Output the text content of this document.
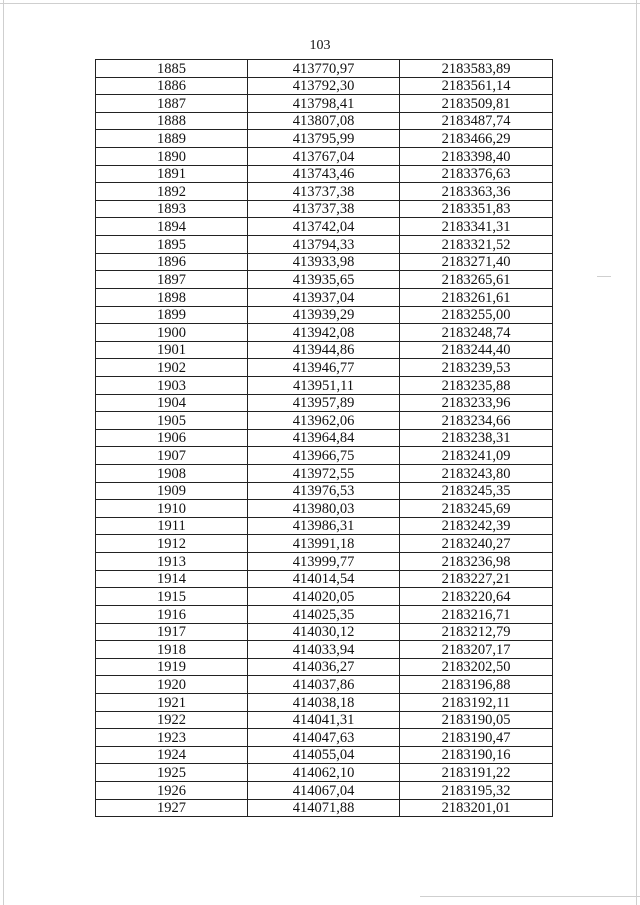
103
1885	413770,97	2183583,89
1886	413792,30	2183561,14
1887	413798,41	2183509,81
1888	413807,08	2183487,74
1889	413795,99	2183466,29
1890	413767,04	2183398,40
1891	413743,46	2183376,63
1892	413737,38	2183363,36
1893	413737,38	2183351,83
1894	413742,04	2183341,31
1895	413794,33	2183321,52
1896	413933,98	2183271,40
1897	413935,65	2183265,61
1898	413937,04	2183261,61
1899	413939,29	2183255,00
1900	413942,08	2183248,74
1901	413944,86	2183244,40
1902	413946,77	2183239,53
1903	413951,11	2183235,88
1904	413957,89	2183233,96
1905	413962,06	2183234,66
1906	413964,84	2183238,31
1907	413966,75	2183241,09
1908	413972,55	2183243,80
1909	413976,53	2183245,35
1910	413980,03	2183245,69
1911	413986,31	2183242,39
1912	413991,18	2183240,27
1913	413999,77	2183236,98
1914	414014,54	2183227,21
1915	414020,05	2183220,64
1916	414025,35	2183216,71
1917	414030,12	2183212,79
1918	414033,94	2183207,17
1919	414036,27	2183202,50
1920	414037,86	2183196,88
1921	414038,18	2183192,11
1922	414041,31	2183190,05
1923	414047,63	2183190,47
1924	414055,04	2183190,16
1925	414062,10	2183191,22
1926	414067,04	2183195,32
1927	414071,88	2183201,01
